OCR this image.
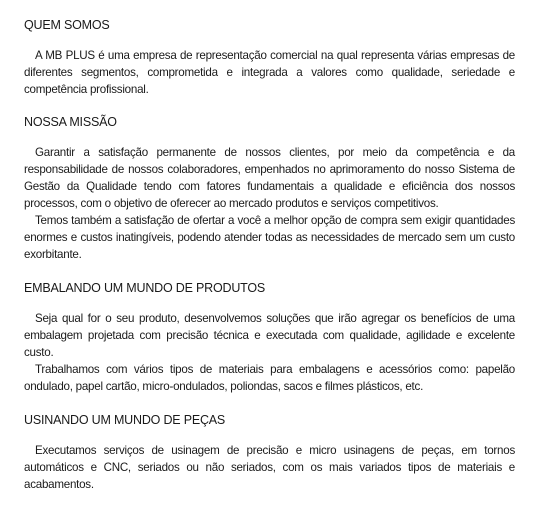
QUEM SOMOS

A MB PLUS é uma empresa de representação comercial na qual representa várias empresas de diferentes segmentos, comprometida e integrada a valores como qualidade, seriedade e competência profissional.

NOSSA MISSÃO

Garantir a satisfação permanente de nossos clientes, por meio da competência e da responsabilidade de nossos colaboradores, empenhados no aprimoramento do nosso Sistema de Gestão da Qualidade tendo com fatores fundamentais a qualidade e eficiência dos nossos processos, com o objetivo de oferecer ao mercado produtos e serviços competitivos.

Temos também a satisfação de ofertar a você a melhor opção de compra sem exigir quantidades enormes e custos inatingíveis, podendo atender todas as necessidades de mercado sem um custo exorbitante.

EMBALANDO UM MUNDO DE PRODUTOS

Seja qual for o seu produto, desenvolvemos soluções que irão agregar os benefícios de uma embalagem projetada com precisão técnica e executada com qualidade, agilidade e excelente custo.

Trabalhamos com vários tipos de materiais para embalagens e acessórios como: papelão ondulado, papel cartão, micro-ondulados, poliondas, sacos e filmes plásticos, etc.

USINANDO UM MUNDO DE PEÇAS

Executamos serviços de usinagem de precisão e micro usinagens de peças, em tornos automáticos e CNC, seriados ou não seriados, com os mais variados tipos de materiais e acabamentos.
